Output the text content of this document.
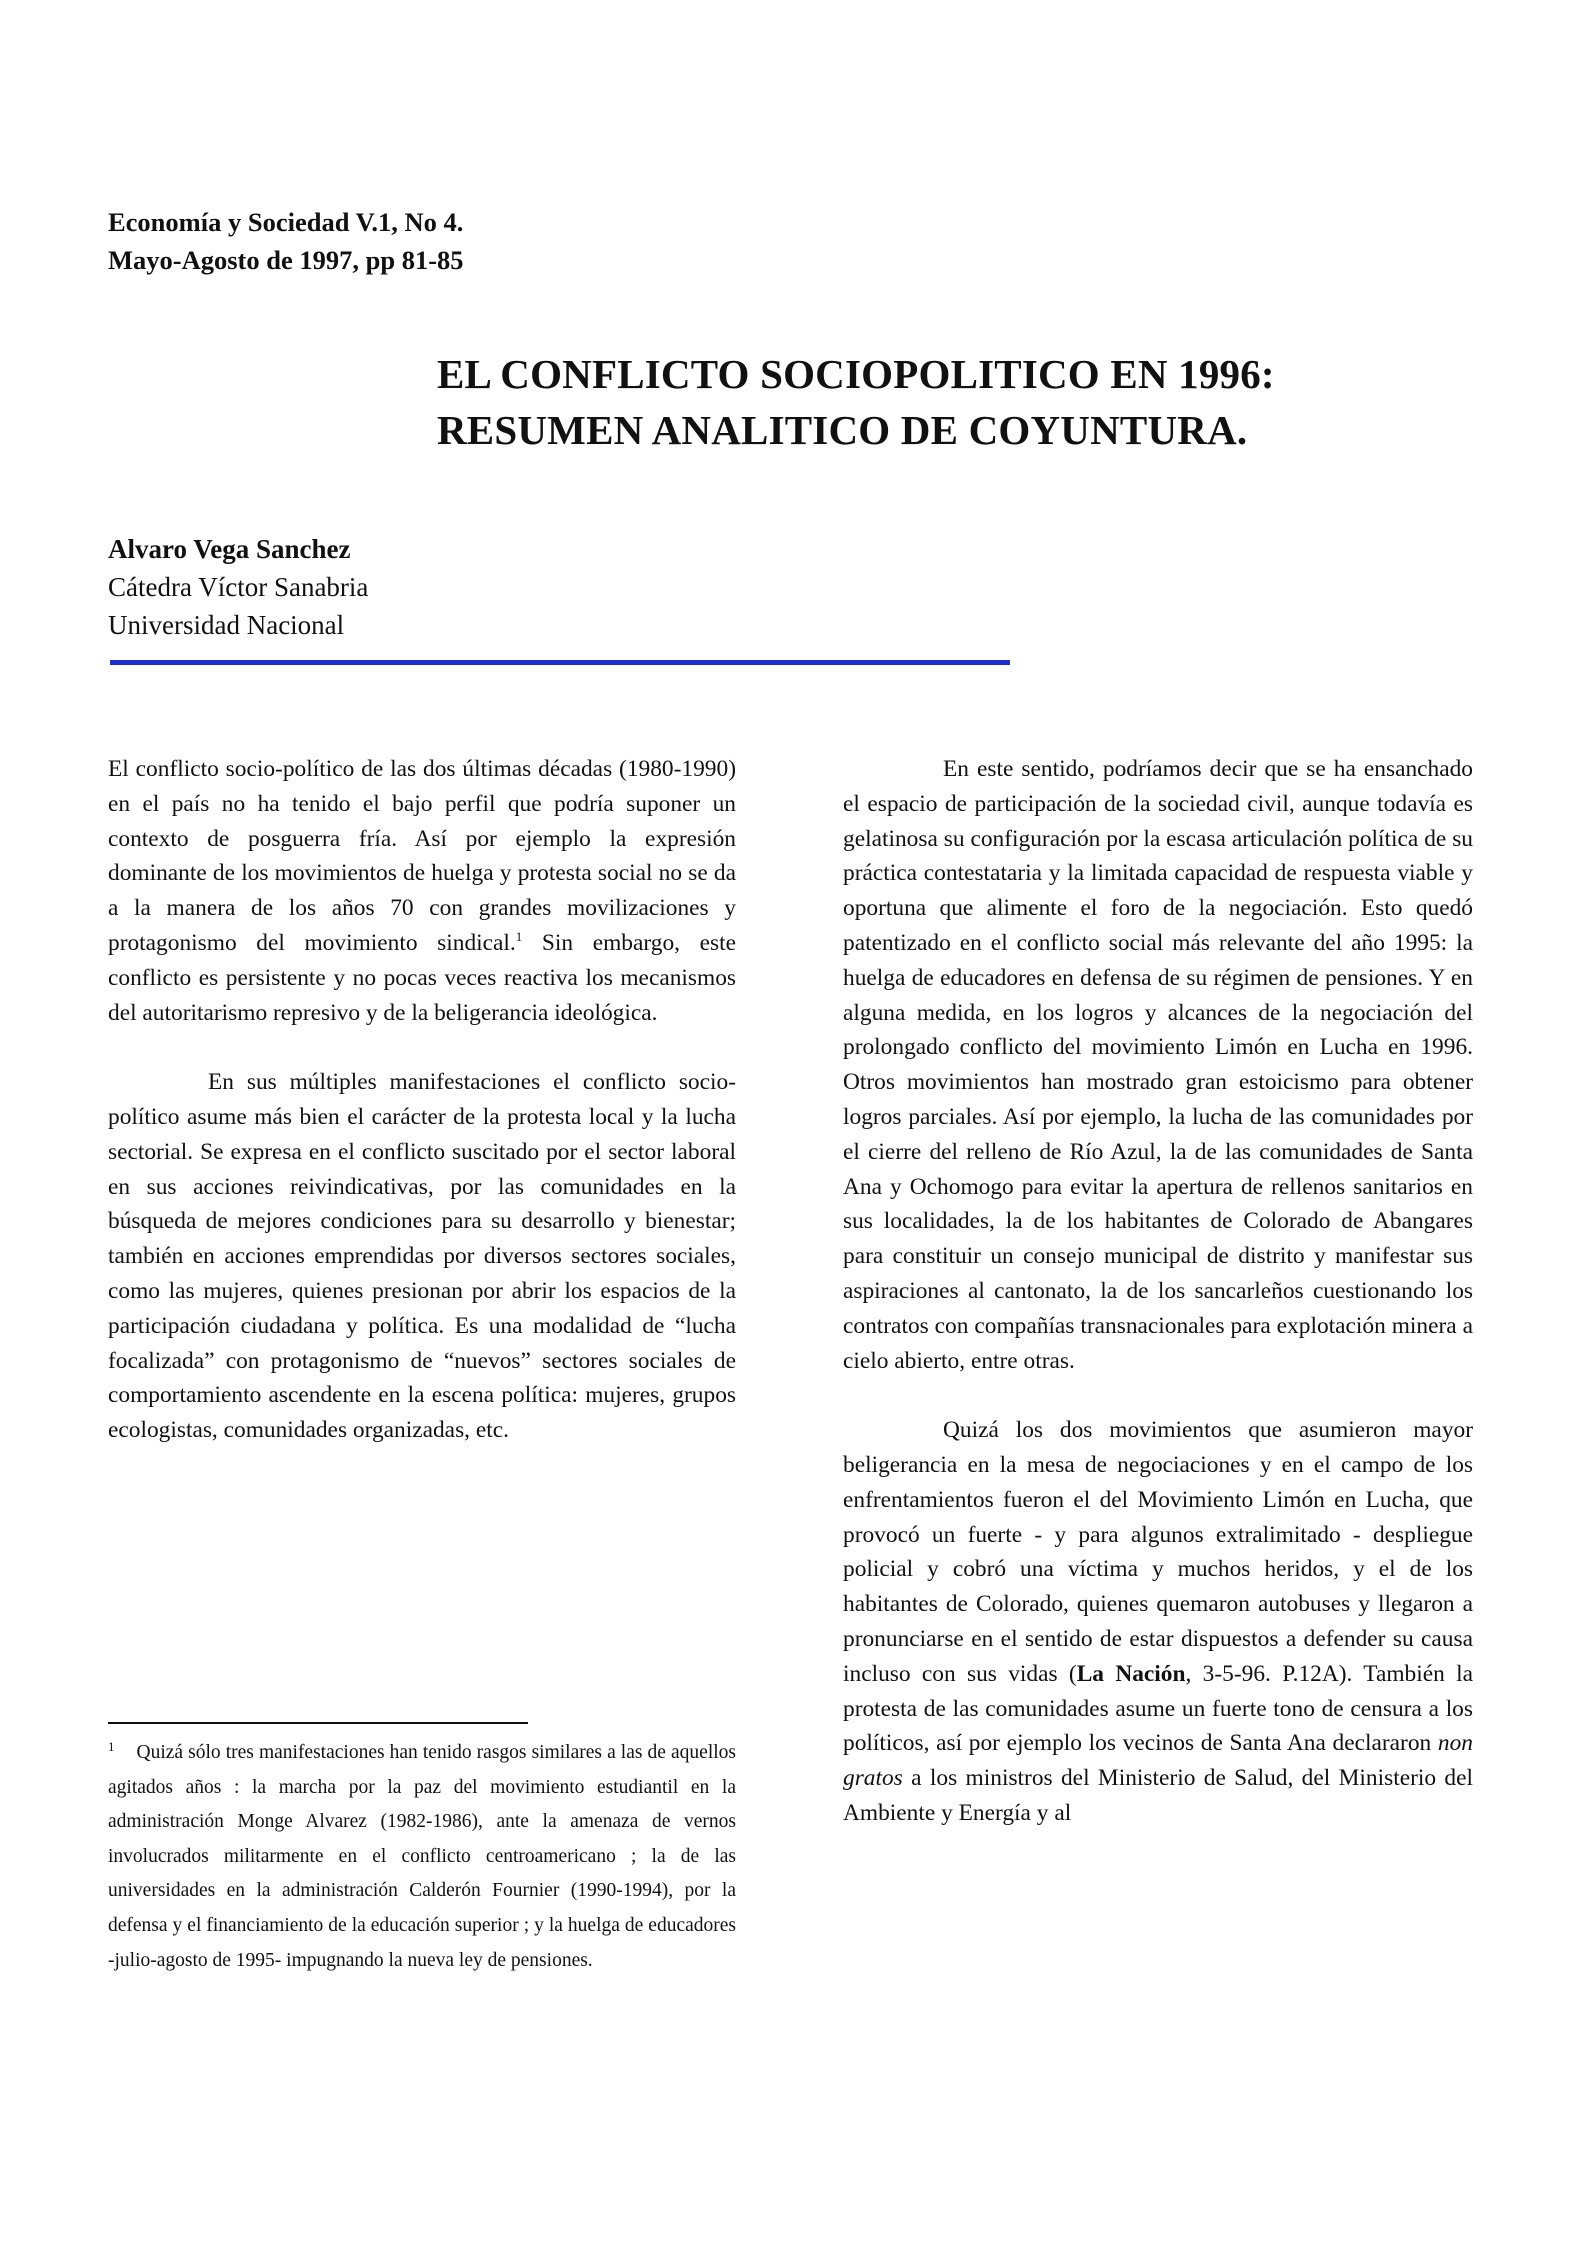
Economía y Sociedad V.1, No 4.
Mayo-Agosto de 1997, pp 81-85
EL CONFLICTO SOCIOPOLITICO EN 1996:
RESUMEN ANALITICO DE COYUNTURA.
Alvaro Vega Sanchez
Cátedra Víctor Sanabria
Universidad Nacional

El conflicto socio-político de las dos últimas décadas (1980-1990) en el país no ha tenido el bajo perfil que podría suponer un contexto de posguerra fría. Así por ejemplo la expresión dominante de los movimientos de huelga y protesta social no se da a la manera de los años 70 con grandes movilizaciones y protagonismo del movimiento sindical.$^1$ Sin embargo, este conflicto es persistente y no pocas veces reactiva los mecanismos del autoritarismo represivo y de la beligerancia ideológica.

En sus múltiples manifestaciones el conflicto socio-político asume más bien el carácter de la protesta local y la lucha sectorial. Se expresa en el conflicto suscitado por el sector laboral en sus acciones reivindicativas, por las comunidades en la búsqueda de mejores condiciones para su desarrollo y bienestar; también en acciones emprendidas por diversos sectores sociales, como las mujeres, quienes presionan por abrir los espacios de la participación ciudadana y política. Es una modalidad de “lucha focalizada” con protagonismo de “nuevos” sectores sociales de comportamiento ascendente en la escena política: mujeres, grupos ecologistas, comunidades organizadas, etc.

En este sentido, podríamos decir que se ha ensanchado el espacio de participación de la sociedad civil, aunque todavía es gelatinosa su configuración por la escasa articulación política de su práctica contestataria y la limitada capacidad de respuesta viable y oportuna que alimente el foro de la negociación. Esto quedó patentizado en el conflicto social más relevante del año 1995: la huelga de educadores en defensa de su régimen de pensiones. Y en alguna medida, en los logros y alcances de la negociación del prolongado conflicto del movimiento Limón en Lucha en 1996. Otros movimientos han mostrado gran estoicismo para obtener logros parciales. Así por ejemplo, la lucha de las comunidades por el cierre del relleno de Río Azul, la de las comunidades de Santa Ana y Ochomogo para evitar la apertura de rellenos sanitarios en sus localidades, la de los habitantes de Colorado de Abangares para constituir un consejo municipal de distrito y manifestar sus aspiraciones al cantonato, la de los sancarleños cuestionando los contratos con compañías transnacionales para explotación minera a cielo abierto, entre otras.

Quizá los dos movimientos que asumieron mayor beligerancia en la mesa de negociaciones y en el campo de los enfrentamientos fueron el del Movimiento Limón en Lucha, que provocó un fuerte - y para algunos extralimitado - despliegue policial y cobró una víctima y muchos heridos, y el de los habitantes de Colorado, quienes quemaron autobuses y llegaron a pronunciarse en el sentido de estar dispuestos a defender su causa incluso con sus vidas (La Nación, 3-5-96. P.12A). También la protesta de las comunidades asume un fuerte tono de censura a los políticos, así por ejemplo los vecinos de Santa Ana declararon non gratos a los ministros del Ministerio de Salud, del Ministerio del Ambiente y Energía y al

$^1$ Quizá sólo tres manifestaciones han tenido rasgos similares a las de aquellos agitados años : la marcha por la paz del movimiento estudiantil en la administración Monge Alvarez (1982-1986), ante la amenaza de vernos involucrados militarmente en el conflicto centroamericano ; la de las universidades en la administración Calderón Fournier (1990-1994), por la defensa y el financiamiento de la educación superior ; y la huelga de educadores -julio-agosto de 1995- impugnando la nueva ley de pensiones.
